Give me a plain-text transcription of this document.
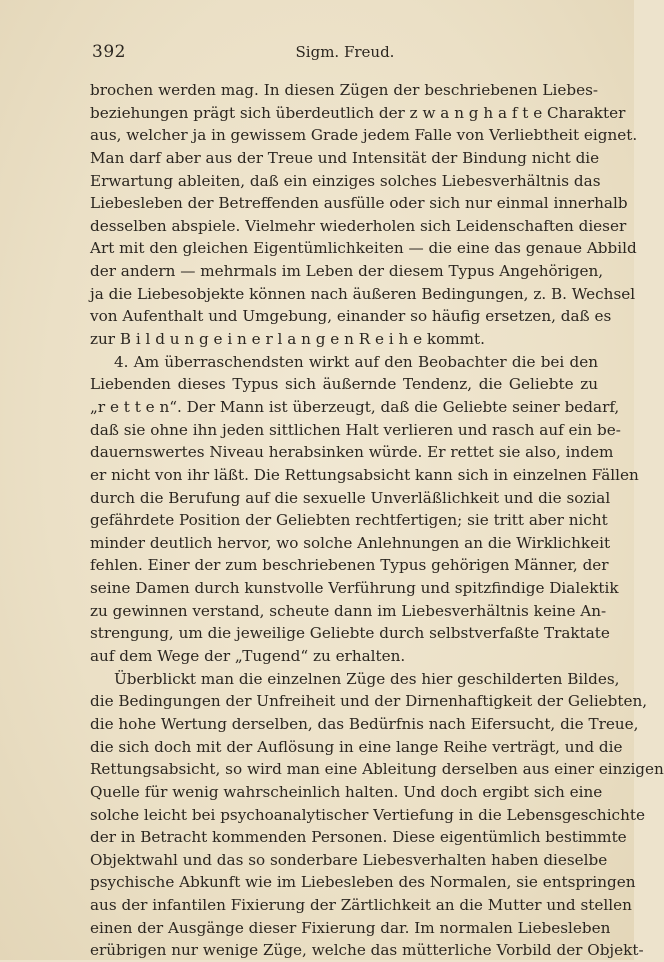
392	Sigm. Freud.
brochen werden mag. In diesen Zügen der beschriebenen Liebes-
beziehungen prägt sich überdeutlich der z w a n g h a f t e Charakter
aus, welcher ja in gewissem Grade jedem Falle von Verliebtheit eignet.
Man darf aber aus der Treue und Intensität der Bindung nicht die
Erwartung ableiten, daß ein einziges solches Liebesverhältnis das
Liebesleben der Betreffenden ausfülle oder sich nur einmal innerhalb
desselben abspiele. Vielmehr wiederholen sich Leidenschaften dieser
Art mit den gleichen Eigentümlichkeiten — die eine das genaue Abbild
der andern — mehrmals im Leben der diesem Typus Angehörigen,
ja die Liebesobjekte können nach äußeren Bedingungen, z. B. Wechsel
von Aufenthalt und Umgebung, einander so häufig ersetzen, daß es
zur B i l d u n g e i n e r l a n g e n R e i h e kommt.
4. Am überraschendsten wirkt auf den Beobachter die bei den
Liebenden dieses Typus sich äußernde Tendenz, die Geliebte zu
„r e t t e n“. Der Mann ist überzeugt, daß die Geliebte seiner bedarf,
daß sie ohne ihn jeden sittlichen Halt verlieren und rasch auf ein be-
dauernswertes Niveau herabsinken würde. Er rettet sie also, indem
er nicht von ihr läßt. Die Rettungsabsicht kann sich in einzelnen Fällen
durch die Berufung auf die sexuelle Unverläßlichkeit und die sozial
gefährdete Position der Geliebten rechtfertigen; sie tritt aber nicht
minder deutlich hervor, wo solche Anlehnungen an die Wirklichkeit
fehlen. Einer der zum beschriebenen Typus gehörigen Männer, der
seine Damen durch kunstvolle Verführung und spitzfindige Dialektik
zu gewinnen verstand, scheute dann im Liebesverhältnis keine An-
strengung, um die jeweilige Geliebte durch selbstverfaßte Traktate
auf dem Wege der „Tugend“ zu erhalten.
Überblickt man die einzelnen Züge des hier geschilderten Bildes,
die Bedingungen der Unfreiheit und der Dirnenhaftigkeit der Geliebten,
die hohe Wertung derselben, das Bedürfnis nach Eifersucht, die Treue,
die sich doch mit der Auflösung in eine lange Reihe verträgt, und die
Rettungsabsicht, so wird man eine Ableitung derselben aus einer einzigen
Quelle für wenig wahrscheinlich halten. Und doch ergibt sich eine
solche leicht bei psychoanalytischer Vertiefung in die Lebensgeschichte
der in Betracht kommenden Personen. Diese eigentümlich bestimmte
Objektwahl und das so sonderbare Liebesverhalten haben dieselbe
psychische Abkunft wie im Liebesleben des Normalen, sie entspringen
aus der infantilen Fixierung der Zärtlichkeit an die Mutter und stellen
einen der Ausgänge dieser Fixierung dar. Im normalen Liebesleben
erübrigen nur wenige Züge, welche das mütterliche Vorbild der Objekt-
